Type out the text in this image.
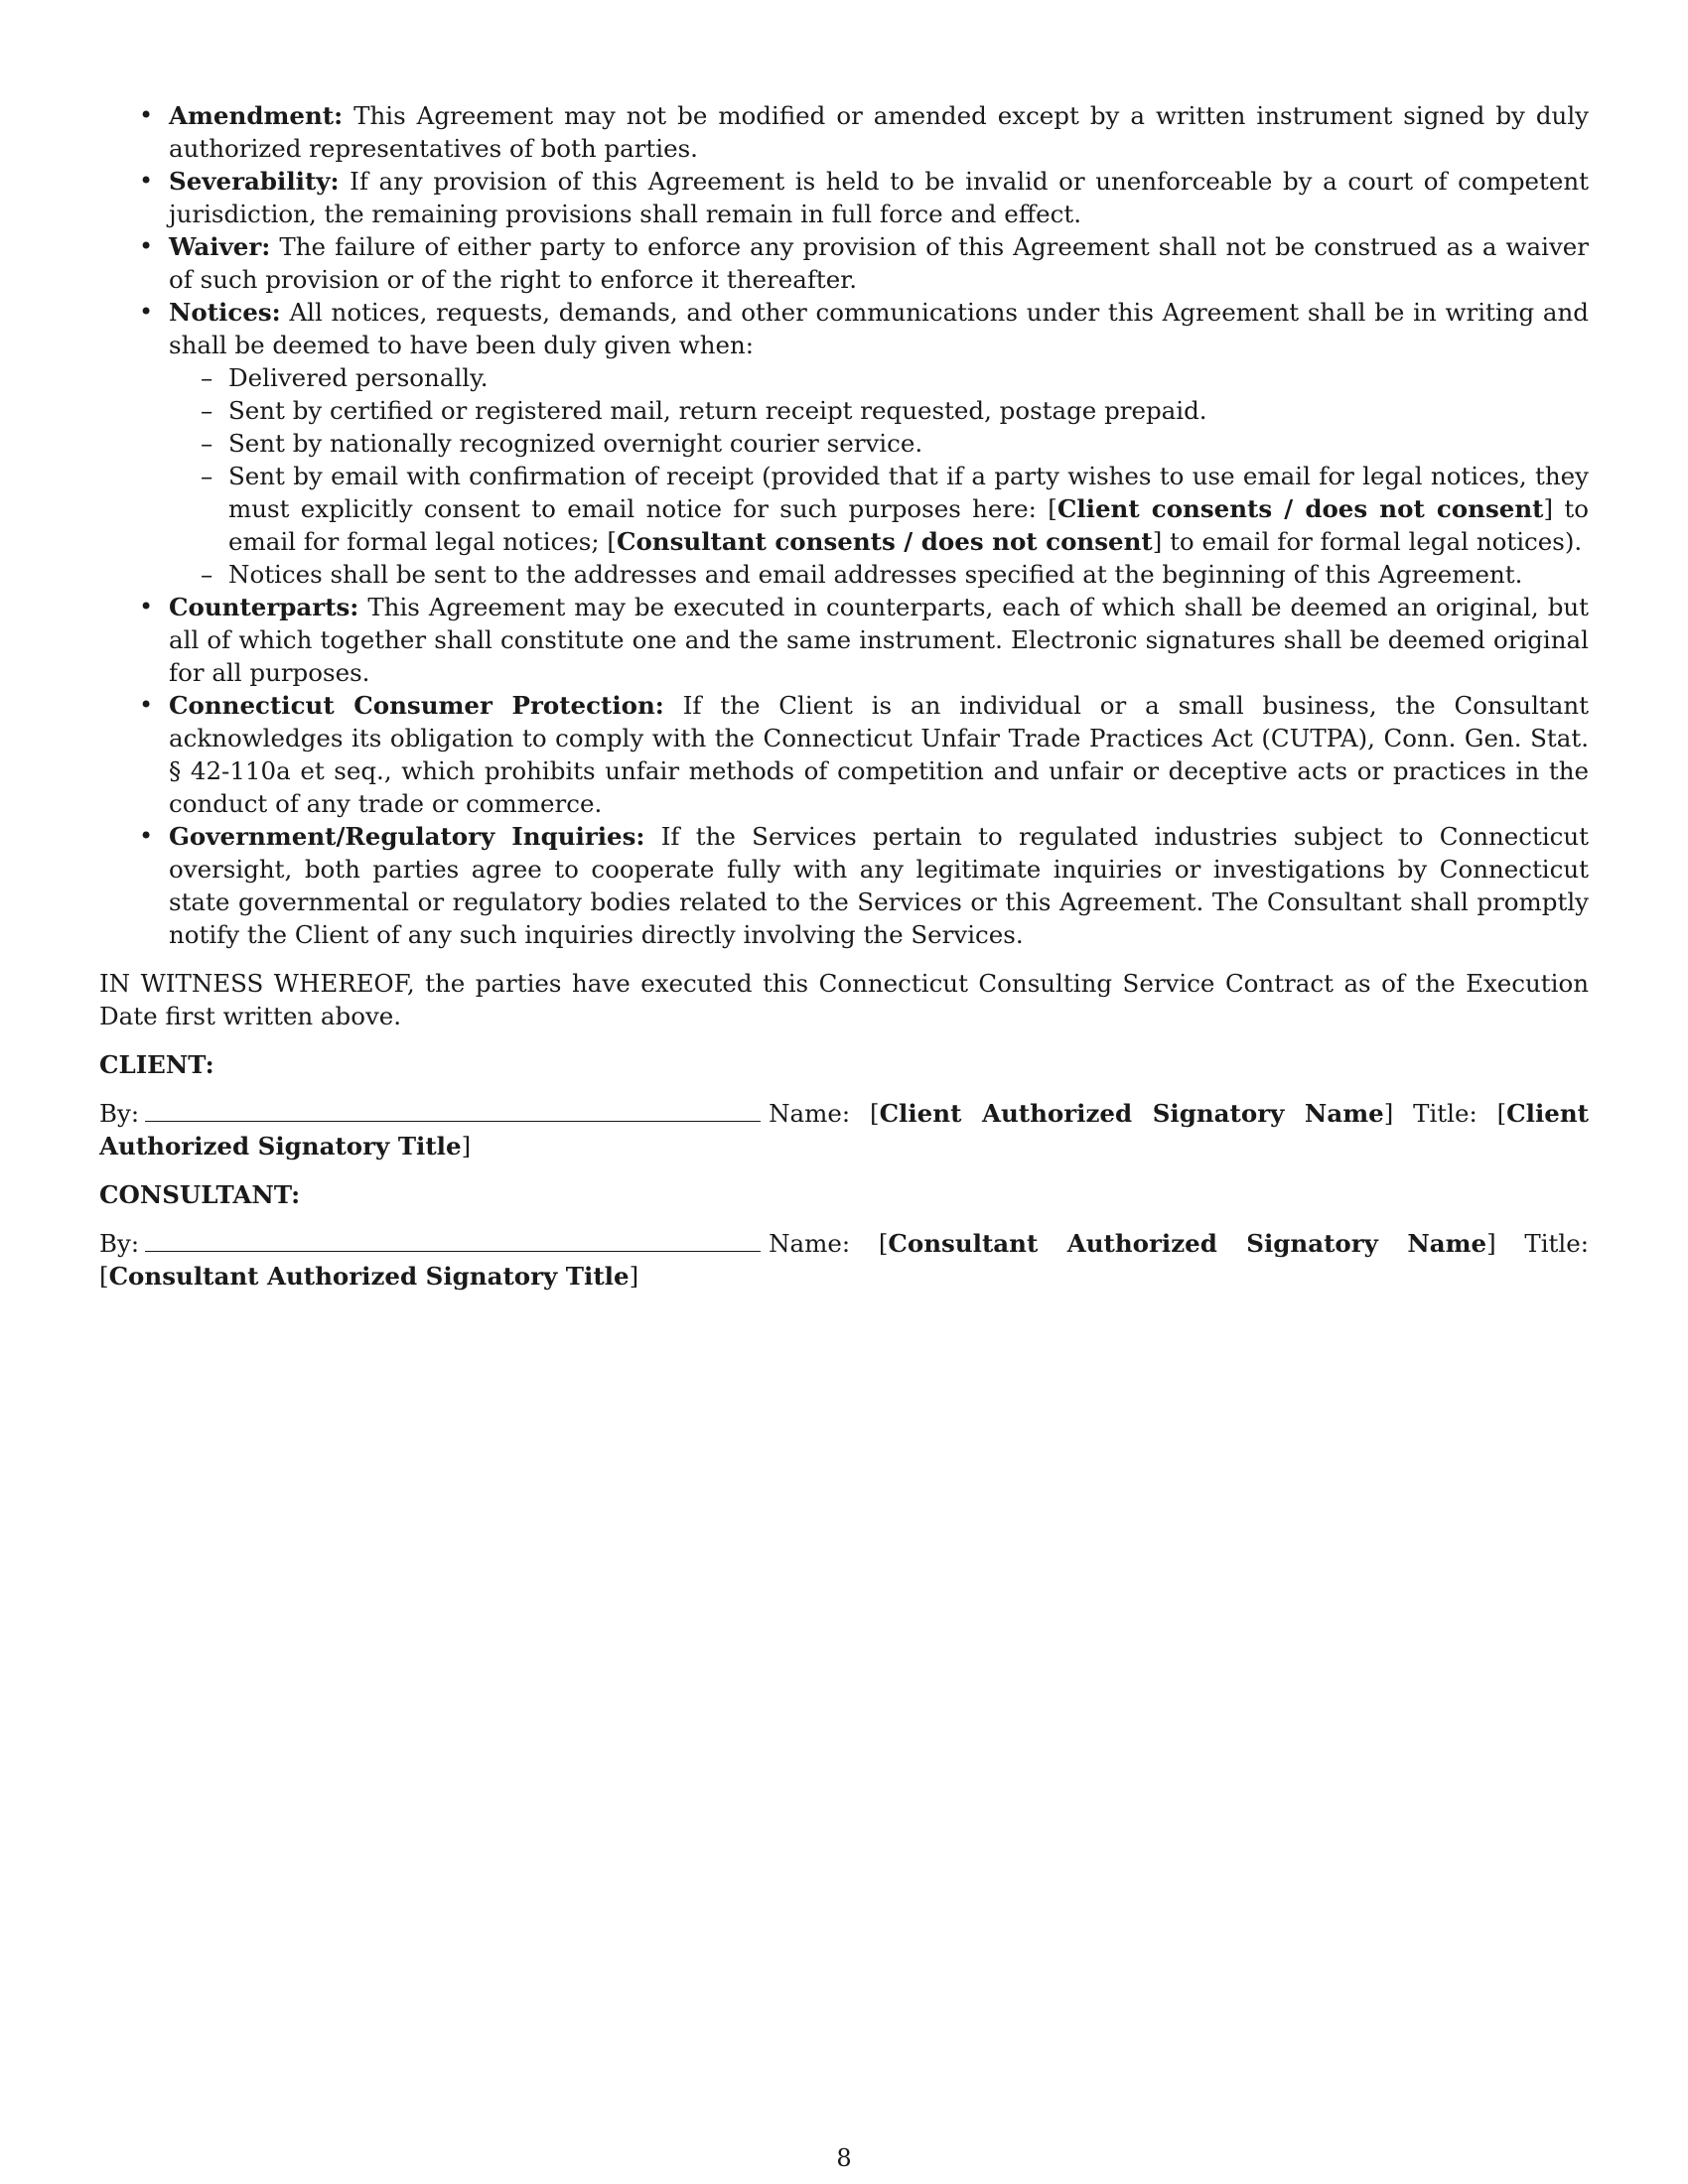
• Amendment: This Agreement may not be modified or amended except by a written instrument signed by duly authorized representatives of both parties.
• Severability: If any provision of this Agreement is held to be invalid or unenforceable by a court of competent jurisdiction, the remaining provisions shall remain in full force and effect.
• Waiver: The failure of either party to enforce any provision of this Agreement shall not be construed as a waiver of such provision or of the right to enforce it thereafter.
• Notices: All notices, requests, demands, and other communications under this Agreement shall be in writing and shall be deemed to have been duly given when:
– Delivered personally.
– Sent by certified or registered mail, return receipt requested, postage prepaid.
– Sent by nationally recognized overnight courier service.
– Sent by email with confirmation of receipt (provided that if a party wishes to use email for legal notices, they must explicitly consent to email notice for such purposes here: [Client consents / does not consent] to email for formal legal notices; [Consultant consents / does not consent] to email for formal legal notices).
– Notices shall be sent to the addresses and email addresses specified at the beginning of this Agreement.
• Counterparts: This Agreement may be executed in counterparts, each of which shall be deemed an original, but all of which together shall constitute one and the same instrument. Electronic signatures shall be deemed original for all purposes.
• Connecticut Consumer Protection: If the Client is an individual or a small business, the Consultant acknowledges its obligation to comply with the Connecticut Unfair Trade Practices Act (CUTPA), Conn. Gen. Stat. § 42-110a et seq., which prohibits unfair methods of competition and unfair or deceptive acts or practices in the conduct of any trade or commerce.
• Government/Regulatory Inquiries: If the Services pertain to regulated industries subject to Connecticut oversight, both parties agree to cooperate fully with any legitimate inquiries or investigations by Connecticut state governmental or regulatory bodies related to the Services or this Agreement. The Consultant shall promptly notify the Client of any such inquiries directly involving the Services.
IN WITNESS WHEREOF, the parties have executed this Connecticut Consulting Service Contract as of the Execution Date first written above.
CLIENT:
By:	Name: [Client Authorized Signatory Name] Title: [Client Authorized Signatory Title]
CONSULTANT:
By:	Name: [Consultant Authorized Signatory Name] Title: [Consultant Authorized Signatory Title]
8
